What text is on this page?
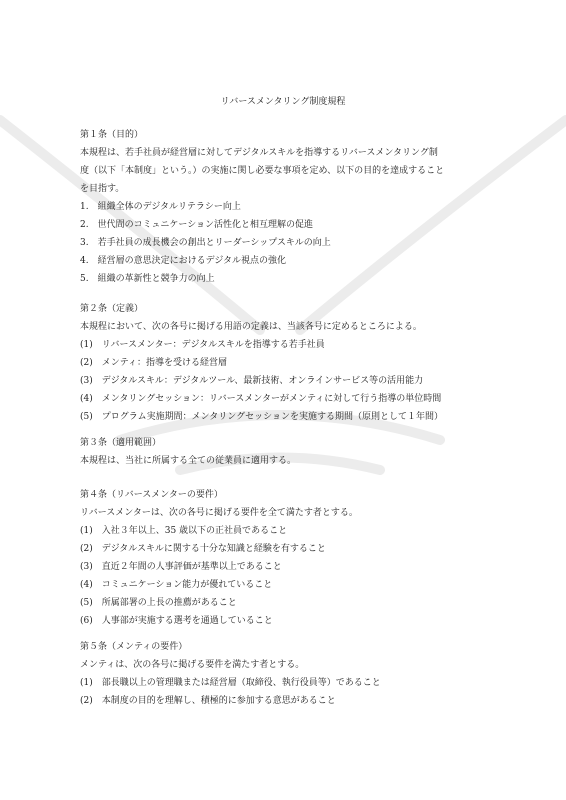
リバースメンタリング制度規程
第１条（目的）
本規程は、若手社員が経営層に対してデジタルスキルを指導するリバースメンタリング制
度（以下「本制度」という。）の実施に関し必要な事項を定め、以下の目的を達成すること
を目指す。
1.　組織全体のデジタルリテラシー向上
2.　世代間のコミュニケーション活性化と相互理解の促進
3.　若手社員の成長機会の創出とリーダーシップスキルの向上
4.　経営層の意思決定におけるデジタル視点の強化
5.　組織の革新性と競争力の向上
第２条（定義）
本規程において、次の各号に掲げる用語の定義は、当該各号に定めるところによる。
(1)　リバースメンター：デジタルスキルを指導する若手社員
(2)　メンティ：指導を受ける経営層
(3)　デジタルスキル：デジタルツール、最新技術、オンラインサービス等の活用能力
(4)　メンタリングセッション：リバースメンターがメンティに対して行う指導の単位時間
(5)　プログラム実施期間：メンタリングセッションを実施する期間（原則として１年間）
第３条（適用範囲）
本規程は、当社に所属する全ての従業員に適用する。
第４条（リバースメンターの要件）
リバースメンターは、次の各号に掲げる要件を全て満たす者とする。
(1)　入社３年以上、35 歳以下の正社員であること
(2)　デジタルスキルに関する十分な知識と経験を有すること
(3)　直近２年間の人事評価が基準以上であること
(4)　コミュニケーション能力が優れていること
(5)　所属部署の上長の推薦があること
(6)　人事部が実施する選考を通過していること
第５条（メンティの要件）
メンティは、次の各号に掲げる要件を満たす者とする。
(1)　部長職以上の管理職または経営層（取締役、執行役員等）であること
(2)　本制度の目的を理解し、積極的に参加する意思があること
